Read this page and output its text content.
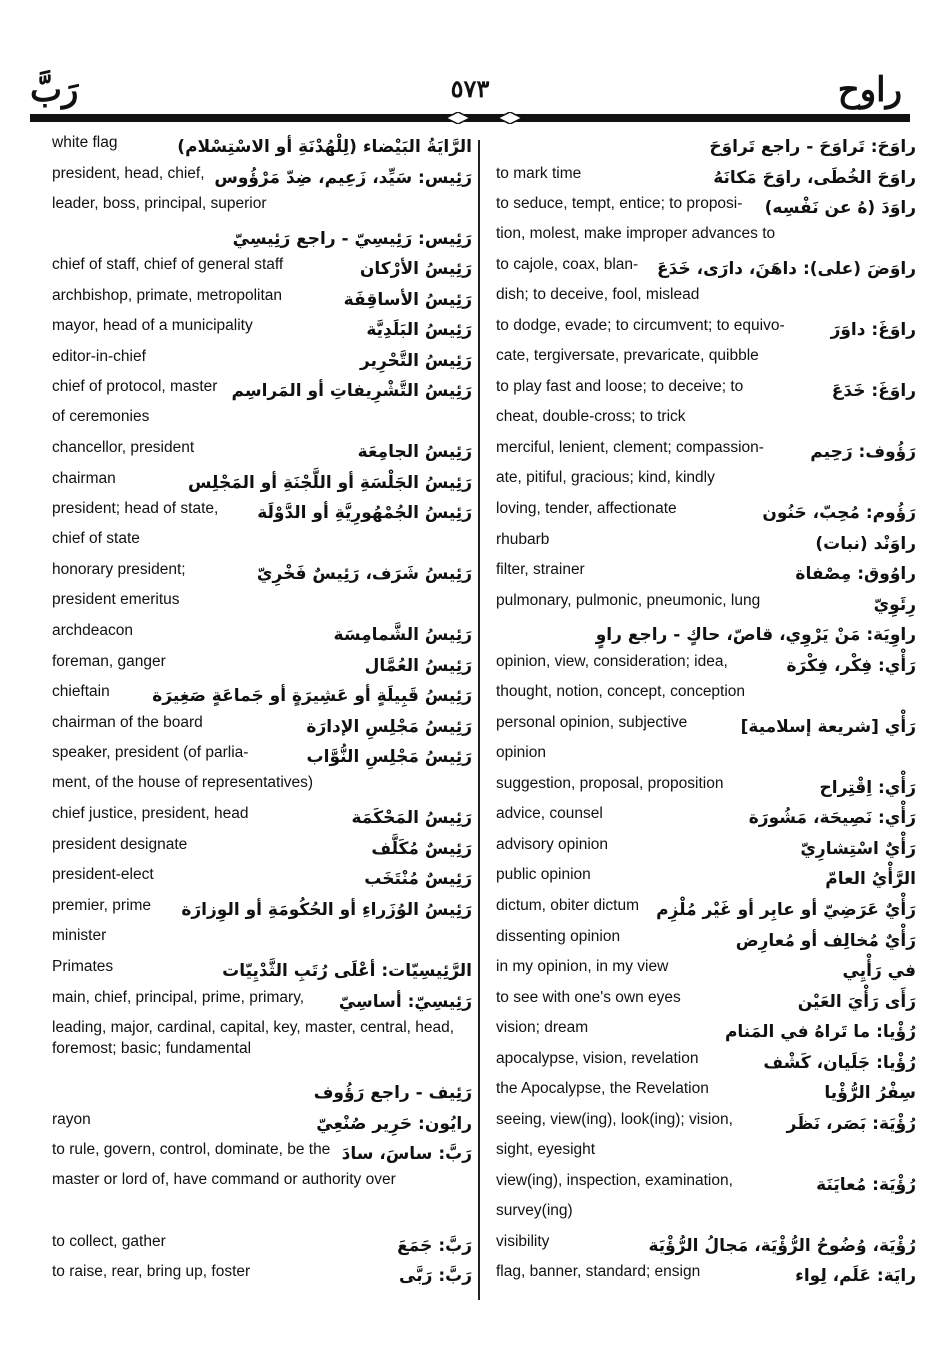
رَبَّ	٥٧٣	راوح
white flag	الرَّايَةُ البَيْضاء (لِلْهُدْنَةِ أو الاسْتِسْلام)
president, head, chief, رَئِيس: سَيِّد، زَعِيم، ضِدّ مَرْؤُوس
leader, boss, principal, superior
رَئِيس: رَئِيسِيّ - راجع رَئِيسِيّ
chief of staff, chief of general staff	رَئِيسُ الأرْكان
archbishop, primate, metropolitan	رَئِيسُ الأساقِفَة
mayor, head of a municipality	رَئِيسُ البَلَدِيَّة
editor-in-chief	رَئِيسُ التَّحْرِير
chief of protocol, master رَئِيسُ التَّشْرِيفاتِ أو المَراسِم
of ceremonies
chancellor, president	رَئِيسُ الجامِعَة
chairman	رَئِيسُ الجَلْسَةِ أو اللَّجْنَةِ أو المَجْلِس
president; head of state, رَئِيسُ الجُمْهُورِيَّةِ أو الدَّوْلَة
chief of state
honorary president;	رَئِيسُ شَرَف، رَئِيسٌ فَخْرِيّ
president emeritus
archdeacon	رَئِيسُ الشَّمامِسَة
foreman, ganger	رَئِيسُ العُمَّال
chieftain	رَئِيسُ قَبِيلَةٍ أو عَشِيرَةٍ أو جَماعَةٍ صَغِيرَة
chairman of the board	رَئِيسُ مَجْلِسِ الإدارَة
speaker, president (of parlia-	رَئِيسُ مَجْلِسِ النُّوَّاب
ment, of the house of representatives)
chief justice, president, head	رَئِيسُ المَحْكَمَة
president designate	رَئِيسٌ مُكَلَّف
president-elect	رَئِيسٌ مُنْتَخَب
premier, prime رَئِيسُ الوُزَراءِ أو الحُكُومَةِ أو الوِزارَة
minister
Primates	الرَّئِيسِيّات: أعْلَى رُتَبِ الثَّدْيِيّات
main, chief, principal, prime, primary, رَئِيسِيّ: أساسِيّ
leading, major, cardinal, capital, key, master, central, head, foremost; basic; fundamental
رَئِيف - راجع رَؤُوف
rayon	رايُون: حَرِير صُنْعِيّ
to rule, govern, control, dominate, be the رَبَّ: ساسَ، سادَ
master or lord of, have command or authority over
to collect, gather	رَبَّ: جَمَعَ
to raise, rear, bring up, foster	رَبَّ: رَبَّى
راوَحَ: تَراوَحَ - راجع تَراوَحَ
to mark time	راوَحَ الخُطَى، راوَحَ مَكانَهُ
to seduce, tempt, entice; to proposi- راوَدَ (هُ عن نَفْسِه)
tion, molest, make improper advances to
to cajole, coax, blan- راوَضَ (على): داهَنَ، دارَى، خَدَعَ
dish; to deceive, fool, mislead
to dodge, evade; to circumvent; to equivo-	راوَغَ: داوَرَ
cate, tergiversate, prevaricate, quibble
to play fast and loose; to deceive; to	راوَغَ: خَدَعَ
cheat, double-cross; to trick
merciful, lenient, clement; compassion-	رَؤُوف: رَحِيم
ate, pitiful, gracious; kind, kindly
loving, tender, affectionate	رَؤُوم: مُحِبّ، حَنُون
rhubarb	راوَنْد (نبات)
filter, strainer	راوُوق: مِصْفاة
pulmonary, pulmonic, pneumonic, lung	رِئَوِيّ
راوِيَة: مَنْ يَرْوِي، قاصّ، حاكٍ - راجع راوٍ
opinion, view, consideration; idea,	رَأْي: فِكْر، فِكْرَة
thought, notion, concept, conception
personal opinion, subjective	رَأْي [شريعة إسلامية]
opinion
suggestion, proposal, proposition	رَأْي: اِقْتِراح
advice, counsel	رَأْي: نَصِيحَة، مَشُورَة
advisory opinion	رَأْيٌ اسْتِشارِيّ
public opinion	الرَّأْيُ العامّ
dictum, obiter dictum رَأْيٌ عَرَضِيّ أو عابِر أو غَيْر مُلْزِم
dissenting opinion	رَأْيٌ مُخالِف أو مُعارِض
in my opinion, in my view	في رَأْيِي
to see with one's own eyes	رَأَى رَأْيَ العَيْن
vision; dream	رُؤْيا: ما تَراهُ في المَنام
apocalypse, vision, revelation	رُؤْيا: جَلَيان، كَشْف
the Apocalypse, the Revelation	سِفْرُ الرُّؤْيا
seeing, view(ing), look(ing); vision,	رُؤْيَة: بَصَر، نَظَر
sight, eyesight
view(ing), inspection, examination,	رُؤْيَة: مُعايَنَة
survey(ing)
visibility	رُؤْيَة، وُضُوحُ الرُّؤْيَة، مَجالُ الرُّؤْيَة
flag, banner, standard; ensign	رايَة: عَلَم، لِواء
